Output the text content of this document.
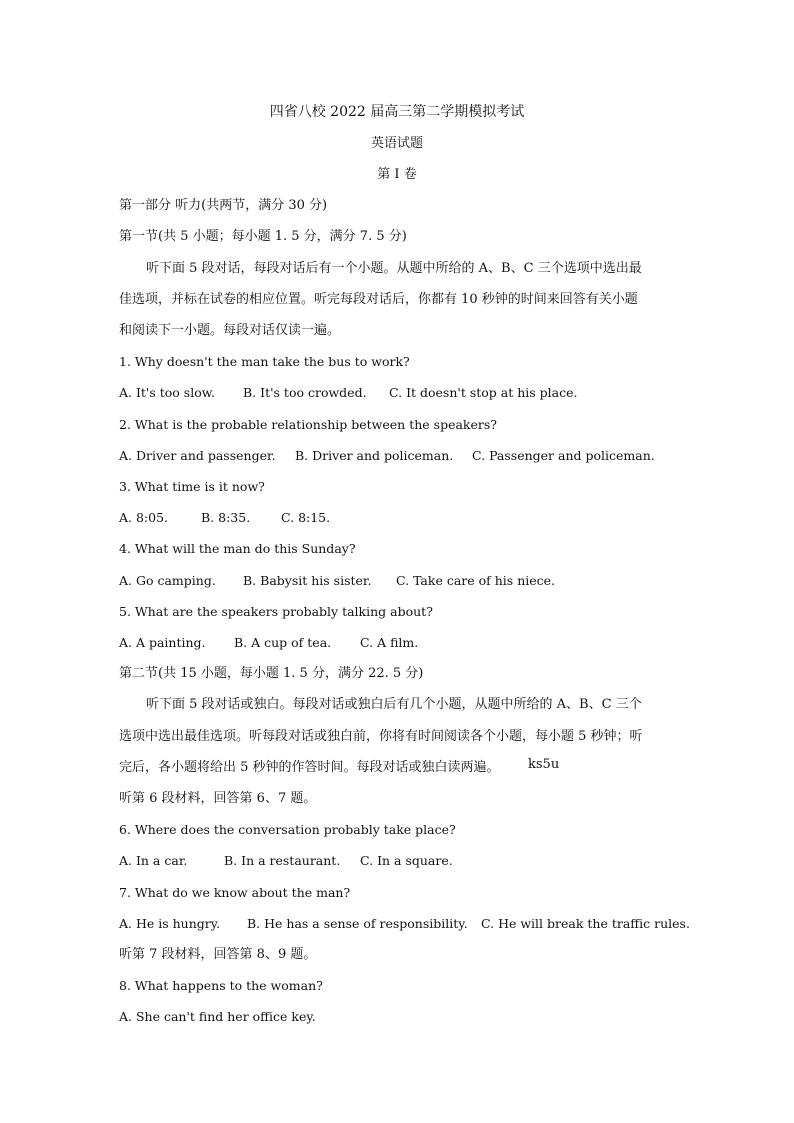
四省八校 2022 届高三第二学期模拟考试
英语试题
第 I 卷
第一部分 听力(共两节，满分 30 分)
第一节(共 5 小题；每小题 1. 5 分，满分 7. 5 分)
听下面 5 段对话，每段对话后有一个小题。从题中所给的 A、B、C 三个选项中选出最
佳选项，并标在试卷的相应位置。听完每段对话后，你都有 10 秒钟的时间来回答有关小题
和阅读下一小题。每段对话仅读一遍。
1. Why doesn't the man take the bus to work?
A. It's too slow. B. It's too crowded. C. It doesn't stop at his place.
2. What is the probable relationship between the speakers?
A. Driver and passenger. B. Driver and policeman. C. Passenger and policeman.
3. What time is it now?
A. 8:05.	B. 8:35. C. 8:15.
4. What will the man do this Sunday?
A. Go camping. B. Babysit his sister. C. Take care of his niece.
5. What are the speakers probably talking about?
A. A painting. B. A cup of tea. C. A film.
第二节(共 15 小题，每小题 1. 5 分，满分 22. 5 分)
听下面 5 段对话或独白。每段对话或独白后有几个小题，从题中所给的 A、B、C 三个
选项中选出最佳选项。听每段对话或独白前，你将有时间阅读各个小题，每小题 5 秒钟；听
完后，各小题将给出 5 秒钟的作答时间。每段对话或独白读两遍。 ks5u
听第 6 段材料，回答第 6、7 题。
6. Where does the conversation probably take place?
A. In a car.	B. In a restaurant. C. In a square.
7. What do we know about the man?
A. He is hungry. B. He has a sense of responsibility. C. He will break the traffic rules.
听第 7 段材料，回答第 8、9 题。
8. What happens to the woman?
A. She can't find her office key.
